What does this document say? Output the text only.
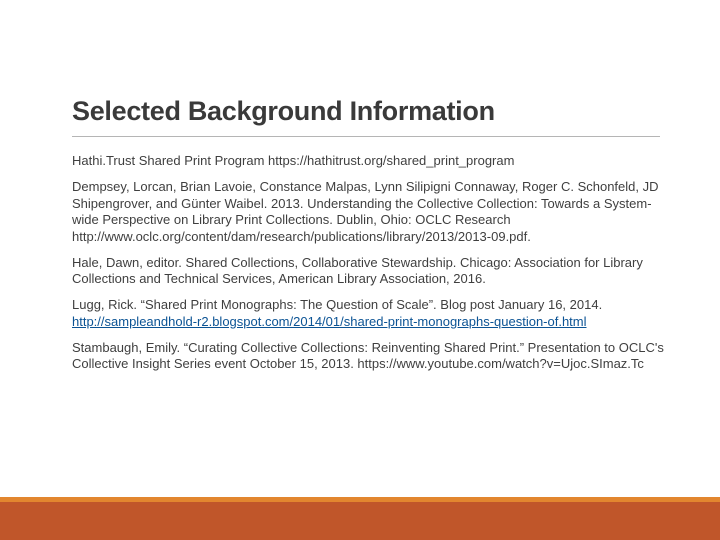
Selected Background Information

Hathi.Trust Shared Print Program https://hathitrust.org/shared_print_program

Dempsey, Lorcan, Brian Lavoie, Constance Malpas, Lynn Silipigni Connaway, Roger C. Schonfeld, JD Shipengrover, and Günter Waibel. 2013. Understanding the Collective Collection: Towards a System-wide Perspective on Library Print Collections. Dublin, Ohio: OCLC Research http://www.oclc.org/content/dam/research/publications/library/2013/2013-09.pdf.

Hale, Dawn, editor. Shared Collections, Collaborative Stewardship. Chicago: Association for Library Collections and Technical Services, American Library Association, 2016.

Lugg, Rick. “Shared Print Monographs: The Question of Scale”. Blog post January 16, 2014. http://sampleandhold-r2.blogspot.com/2014/01/shared-print-monographs-question-of.html

Stambaugh, Emily. “Curating Collective Collections: Reinventing Shared Print.” Presentation to OCLC's Collective Insight Series event October 15, 2013. https://www.youtube.com/watch?v=Ujoc.SImaz.Tc
